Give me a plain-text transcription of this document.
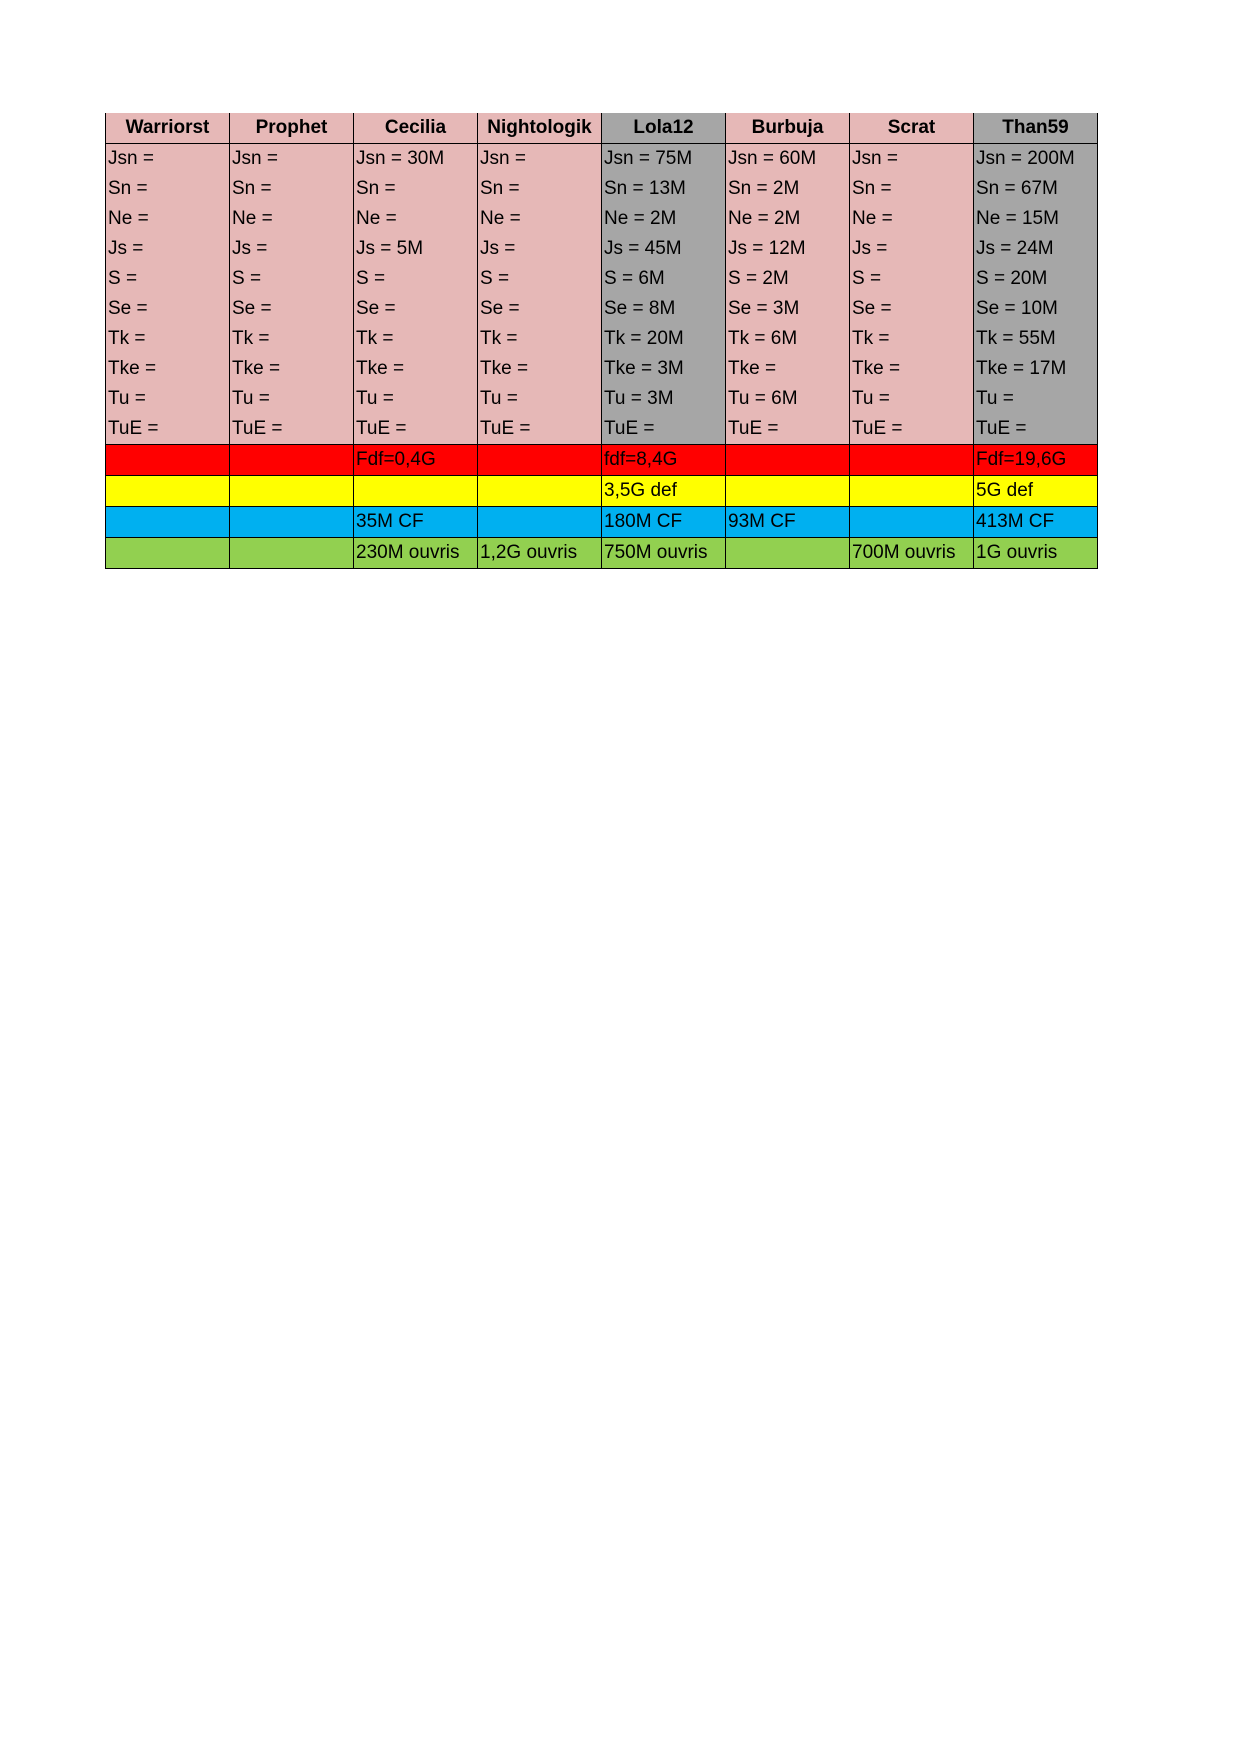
Warriorst	Prophet	Cecilia	Nightologik	Lola12	Burbuja	Scrat	Than59
Jsn =	Jsn =	Jsn = 30M	Jsn =	Jsn = 75M	Jsn = 60M	Jsn =	Jsn = 200M
Sn =	Sn =	Sn =	Sn =	Sn = 13M	Sn = 2M	Sn =	Sn = 67M
Ne =	Ne =	Ne =	Ne =	Ne = 2M	Ne = 2M	Ne =	Ne = 15M
Js =	Js =	Js = 5M	Js =	Js = 45M	Js = 12M	Js =	Js = 24M
S =	S =	S =	S =	S = 6M	S = 2M	S =	S = 20M
Se =	Se =	Se =	Se =	Se = 8M	Se = 3M	Se =	Se = 10M
Tk =	Tk =	Tk =	Tk =	Tk = 20M	Tk = 6M	Tk =	Tk = 55M
Tke =	Tke =	Tke =	Tke =	Tke = 3M	Tke =	Tke =	Tke = 17M
Tu =	Tu =	Tu =	Tu =	Tu = 3M	Tu = 6M	Tu =	Tu =
TuE =	TuE =	TuE =	TuE =	TuE =	TuE =	TuE =	TuE =
		Fdf=0,4G		fdf=8,4G			Fdf=19,6G
				3,5G def			5G def
		35M CF		180M CF	93M CF		413M CF
		230M ouvris	1,2G ouvris	750M ouvris		700M ouvris	1G ouvris
